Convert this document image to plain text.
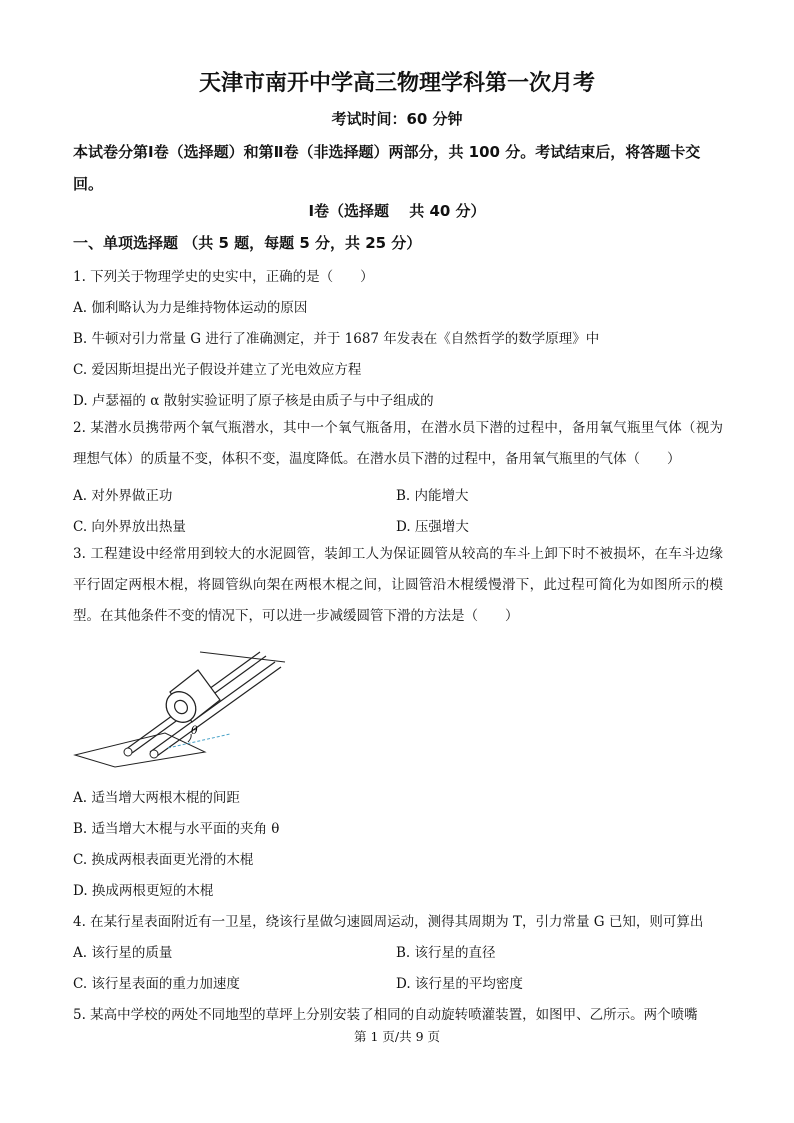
天津市南开中学高三物理学科第一次月考
考试时间：60 分钟
本试卷分第Ⅰ卷（选择题）和第Ⅱ卷（非选择题）两部分，共 100 分。考试结束后，将答题卡交回。
Ⅰ卷（选择题　 共 40 分）
一、单项选择题 （共 5 题，每题 5 分，共 25 分）
1. 下列关于物理学史的史实中，正确的是（　　）
A. 伽利略认为力是维持物体运动的原因
B. 牛顿对引力常量 G 进行了准确测定，并于 1687 年发表在《自然哲学的数学原理》中
C. 爱因斯坦提出光子假设并建立了光电效应方程
D. 卢瑟福的 α 散射实验证明了原子核是由质子与中子组成的
2. 某潜水员携带两个氧气瓶潜水，其中一个氧气瓶备用，在潜水员下潜的过程中，备用氧气瓶里气体（视为理想气体）的质量不变，体积不变，温度降低。在潜水员下潜的过程中，备用氧气瓶里的气体（　　）
A. 对外界做正功	B. 内能增大
C. 向外界放出热量	D. 压强增大
3. 工程建设中经常用到较大的水泥圆管，装卸工人为保证圆管从较高的车斗上卸下时不被损坏，在车斗边缘平行固定两根木棍，将圆管纵向架在两根木棍之间，让圆管沿木棍缓慢滑下，此过程可简化为如图所示的模型。在其他条件不变的情况下，可以进一步减缓圆管下滑的方法是（　　）
θ
A. 适当增大两根木棍的间距
B. 适当增大木棍与水平面的夹角 θ
C. 换成两根表面更光滑的木棍
D. 换成两根更短的木棍
4. 在某行星表面附近有一卫星，绕该行星做匀速圆周运动，测得其周期为 T，引力常量 G 已知，则可算出
A. 该行星的质量	B. 该行星的直径
C. 该行星表面的重力加速度	D. 该行星的平均密度
5. 某高中学校的两处不同地型的草坪上分别安装了相同的自动旋转喷灌装置，如图甲、乙所示。两个喷嘴
第 1 页/共 9 页
